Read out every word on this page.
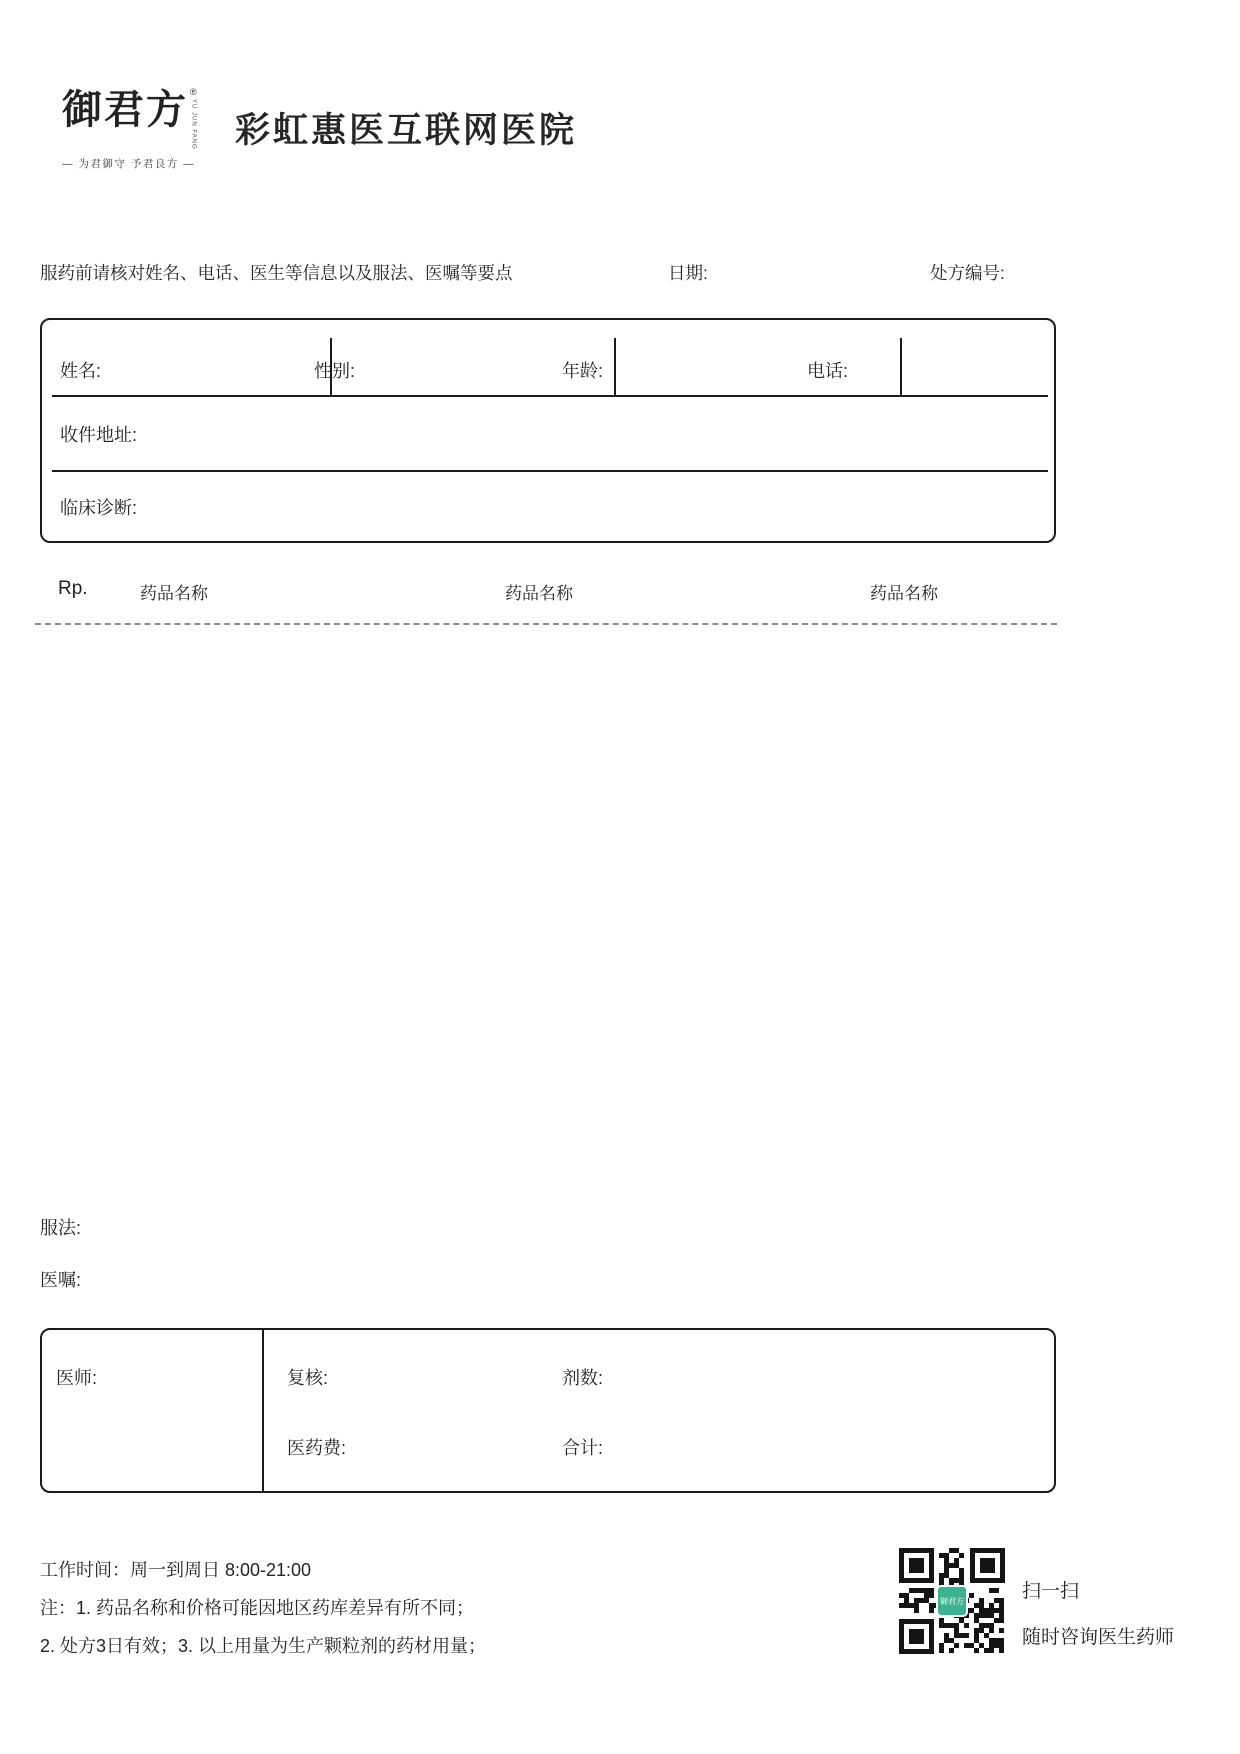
御君方 ®
YU JUN FANG
— 为君御守 予君良方 —
彩虹惠医互联网医院
服药前请核对姓名、电话、医生等信息以及服法、医嘱等要点	日期:	处方编号:
姓名:	性别:	年龄:	电话:
收件地址:
临床诊断:
Rp.	药品名称	药品名称	药品名称
服法:
医嘱:
医师:	复核:	剂数:
医药费:	合计:
工作时间：周一到周日 8:00-21:00
注：1. 药品名称和价格可能因地区药库差异有所不同；
2. 处方3日有效；3. 以上用量为生产颗粒剂的药材用量；
御君方	扫一扫
随时咨询医生药师
